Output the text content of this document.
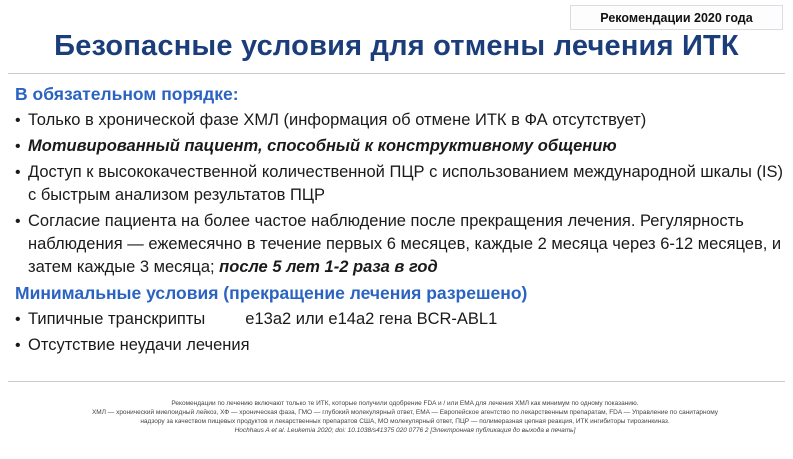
Рекомендации 2020 года
Безопасные условия для отмены лечения ИТК
В обязательном порядке:
• Только в хронической фазе ХМЛ (информация об отмене ИТК в ФА отсутствует)
• Мотивированный пациент, способный к конструктивному общению
• Доступ к высококачественной количественной ПЦР с использованием международной шкалы (IS) с быстрым анализом результатов ПЦР
• Согласие пациента на более частое наблюдение после прекращения лечения. Регулярность наблюдения — ежемесячно в течение первых 6 месяцев, каждые 2 месяца через 6-12 месяцев, и затем каждые 3 месяца; после 5 лет 1-2 раза в год
Минимальные условия (прекращение лечения разрешено)
• Типичные транскрипты e13a2 или e14a2 гена BCR-ABL1
• Отсутствие неудачи лечения
Рекомендации по лечению включают только те ИТК, которые получили одобрение FDA и / или EMA для лечения ХМЛ как минимум по одному показанию.
ХМЛ — хронический миелоидный лейкоз, ХФ — хроническая фаза, ГМО — глубокий молекулярный ответ, EMA — Европейское агентство по лекарственным препаратам, FDA — Управление по санитарному надзору за качеством пищевых продуктов и лекарственных препаратов США, МО молекулярный ответ, ПЦР — полимеразная цепная реакция, ИТК ингибиторы тирозинкиназ.
Hochhaus A et al. Leukemia 2020; doi: 10.1038/s41375 020 0776 2 [Электронная публикация до выхода в печать]
